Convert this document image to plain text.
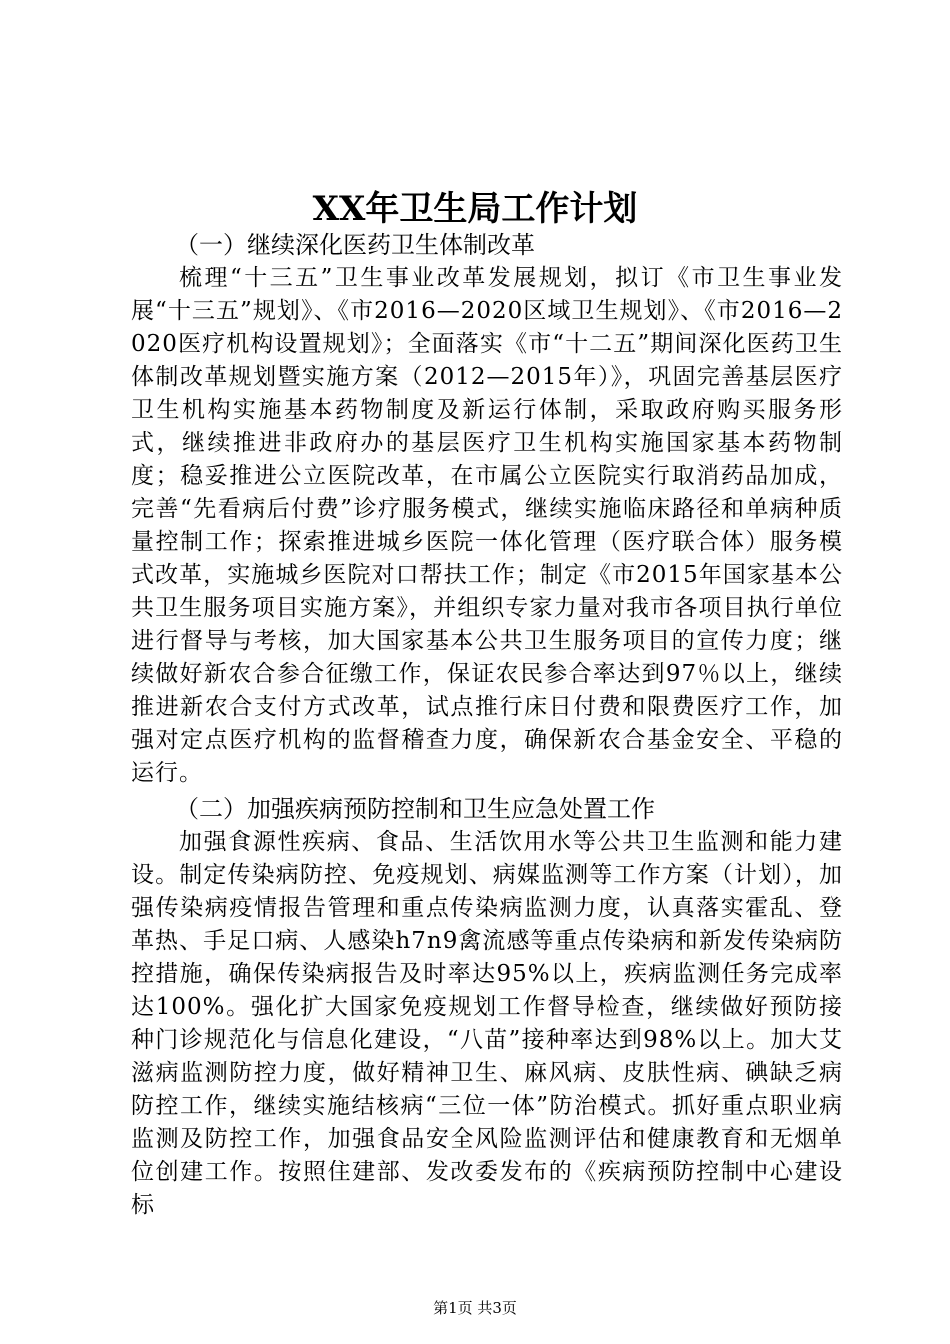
XX年卫生局工作计划
（一）继续深化医药卫生体制改革

梳理“十三五”卫生事业改革发展规划，拟订《市卫生事业发展“十三五”规划》、《市2016—2020区域卫生规划》、《市2016—2020医疗机构设置规划》；全面落实《市“十二五”期间深化医药卫生体制改革规划暨实施方案（2012—2015年）》，巩固完善基层医疗卫生机构实施基本药物制度及新运行体制，采取政府购买服务形式，继续推进非政府办的基层医疗卫生机构实施国家基本药物制度；稳妥推进公立医院改革，在市属公立医院实行取消药品加成，完善“先看病后付费”诊疗服务模式，继续实施临床路径和单病种质量控制工作；探索推进城乡医院一体化管理（医疗联合体）服务模式改革，实施城乡医院对口帮扶工作；制定《市2015年国家基本公共卫生服务项目实施方案》，并组织专家力量对我市各项目执行单位进行督导与考核，加大国家基本公共卫生服务项目的宣传力度；继续做好新农合参合征缴工作，保证农民参合率达到97％以上，继续推进新农合支付方式改革，试点推行床日付费和限费医疗工作，加强对定点医疗机构的监督稽查力度，确保新农合基金安全、平稳的运行。

（二）加强疾病预防控制和卫生应急处置工作

加强食源性疾病、食品、生活饮用水等公共卫生监测和能力建设。制定传染病防控、免疫规划、病媒监测等工作方案（计划），加强传染病疫情报告管理和重点传染病监测力度，认真落实霍乱、登革热、手足口病、人感染h7n9禽流感等重点传染病和新发传染病防控措施，确保传染病报告及时率达95%以上，疾病监测任务完成率达100%。强化扩大国家免疫规划工作督导检查，继续做好预防接种门诊规范化与信息化建设，“八苗”接种率达到98%以上。加大艾滋病监测防控力度，做好精神卫生、麻风病、皮肤性病、碘缺乏病防控工作，继续实施结核病“三位一体”防治模式。抓好重点职业病监测及防控工作，加强食品安全风险监测评估和健康教育和无烟单位创建工作。按照住建部、发改委发布的《疾病预防控制中心建设标

第1页 共3页
